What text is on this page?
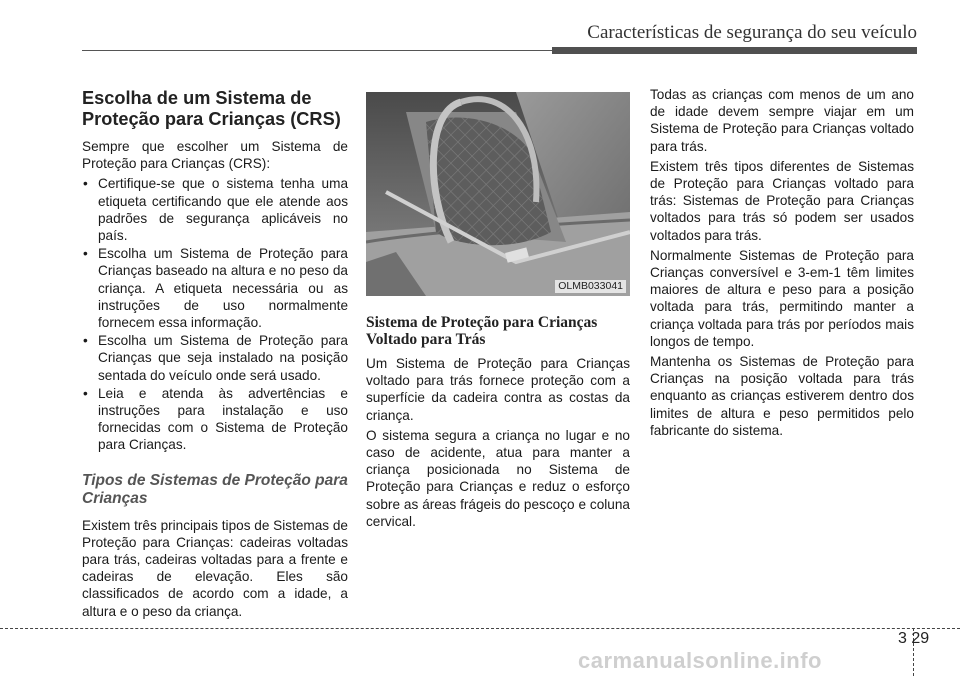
Características de segurança do seu veículo
Escolha de um Sistema de Proteção para Crianças (CRS)

Sempre que escolher um Sistema de Proteção para Crianças (CRS):

• Certifique-se que o sistema tenha uma etiqueta certificando que ele atende aos padrões de segurança aplicáveis no país.
• Escolha um Sistema de Proteção para Crianças baseado na altura e no peso da criança. A etiqueta necessária ou as instruções de uso normalmente fornecem essa informação.
• Escolha um Sistema de Proteção para Crianças que seja instalado na posição sentada do veículo onde será usado.
• Leia e atenda às advertências e instruções para instalação e uso fornecidas com o Sistema de Proteção para Crianças.
Tipos de Sistemas de Proteção para Crianças

Existem três principais tipos de Sistemas de Proteção para Crianças: cadeiras voltadas para trás, cadeiras voltadas para a frente e cadeiras de elevação. Eles são classificados de acordo com a idade, a altura e o peso da criança.

OLMB033041
Sistema de Proteção para Crianças Voltado para Trás

Um Sistema de Proteção para Crianças voltado para trás fornece proteção com a superfície da cadeira contra as costas da criança.

O sistema segura a criança no lugar e no caso de acidente, atua para manter a criança posicionada no Sistema de Proteção para Crianças e reduz o esforço sobre as áreas frágeis do pescoço e coluna cervical.

Todas as crianças com menos de um ano de idade devem sempre viajar em um Sistema de Proteção para Crianças voltado para trás.

Existem três tipos diferentes de Sistemas de Proteção para Crianças voltado para trás: Sistemas de Proteção para Crianças voltados para trás só podem ser usados voltados para trás.

Normalmente Sistemas de Proteção para Crianças conversível e 3-em-1 têm limites maiores de altura e peso para a posição voltada para trás, permitindo manter a criança voltada para trás por períodos mais longos de tempo.

Mantenha os Sistemas de Proteção para Crianças na posição voltada para trás enquanto as crianças estiverem dentro dos limites de altura e peso permitidos pelo fabricante do sistema.

3 29
carmanualsonline.info
